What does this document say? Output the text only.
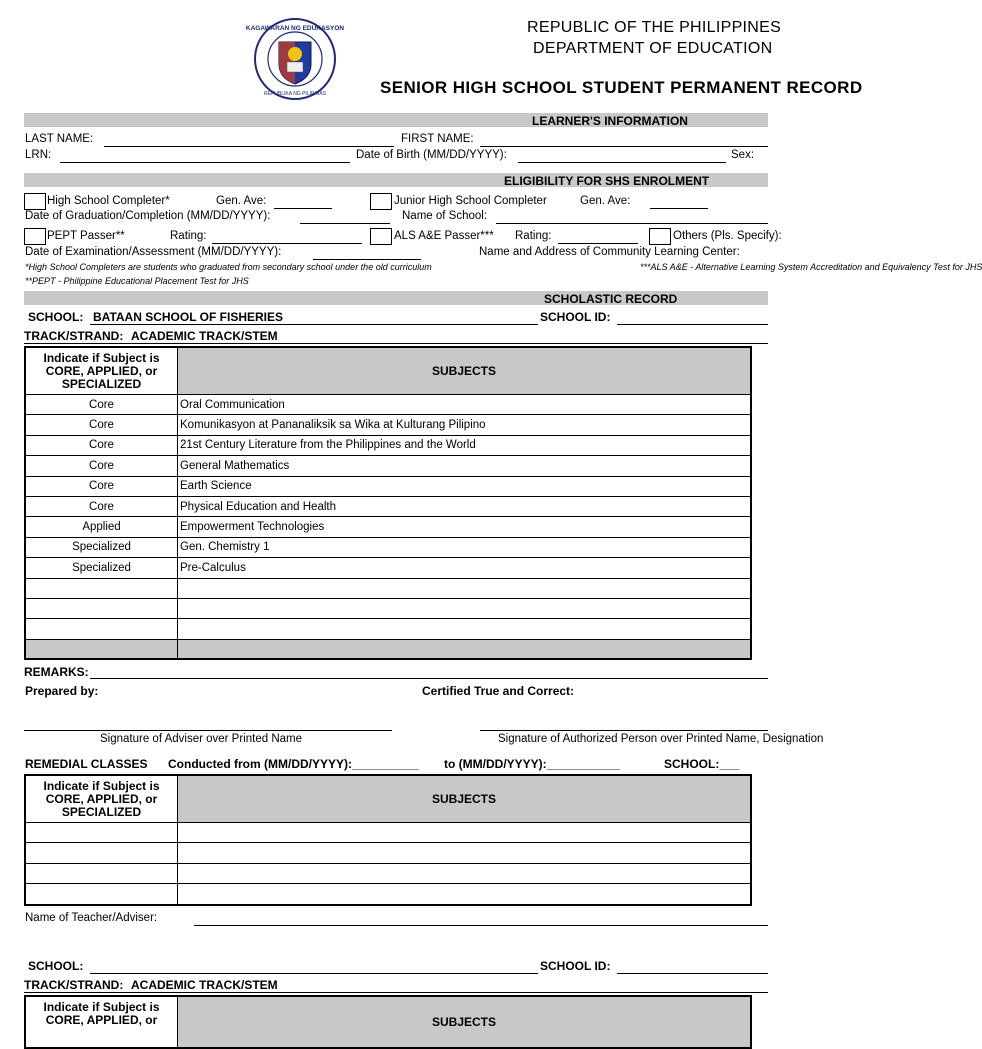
KAGAWARAN NG EDUKASYON
REPUBLIKA NG PILIPINAS
REPUBLIC OF THE PHILIPPINES
DEPARTMENT OF EDUCATION
SENIOR HIGH SCHOOL STUDENT PERMANENT RECORD
LEARNER'S INFORMATION
LAST NAME:	FIRST NAME:
LRN:	Date of Birth (MM/DD/YYYY):	Sex:
ELIGIBILITY FOR SHS ENROLMENT
High School Completer*	Gen. Ave:	Junior High School Completer	Gen. Ave:
Date of Graduation/Completion (MM/DD/YYYY):	Name of School:
PEPT Passer**	Rating:	ALS A&E Passer*** Rating:	Others (Pls. Specify):
Date of Examination/Assessment (MM/DD/YYYY):	Name and Address of Community Learning Center:
*High School Completers are students who graduated from secondary school under the old curriculum	***ALS A&E - Alternative Learning System Accreditation and Equivalency Test for JHS
**PEPT - Philippine Educational Placement Test for JHS
SCHOLASTIC RECORD
SCHOOL: BATAAN SCHOOL OF FISHERIES	SCHOOL ID:
TRACK/STRAND: ACADEMIC TRACK/STEM
Indicate if Subject is CORE, APPLIED, or SPECIALIZED	SUBJECTS
Core	Oral Communication
Core	Komunikasyon at Pananaliksik sa Wika at Kulturang Pilipino
Core	21st Century Literature from the Philippines and the World
Core	General Mathematics
Core	Earth Science
Core	Physical Education and Health
Applied	Empowerment Technologies
Specialized	Gen. Chemistry 1
Specialized	Pre-Calculus

REMARKS:
Prepared by:	Certified True and Correct:
Signature of Adviser over Printed Name	Signature of Authorized Person over Printed Name, Designation
REMEDIAL CLASSES Conducted from (MM/DD/YYYY):__________ to (MM/DD/YYYY):___________	SCHOOL:___
Indicate if Subject is CORE, APPLIED, or SPECIALIZED	SUBJECTS

Name of Teacher/Adviser:
SCHOOL:	SCHOOL ID:
TRACK/STRAND: ACADEMIC TRACK/STEM
Indicate if Subject is CORE, APPLIED, or	SUBJECTS
